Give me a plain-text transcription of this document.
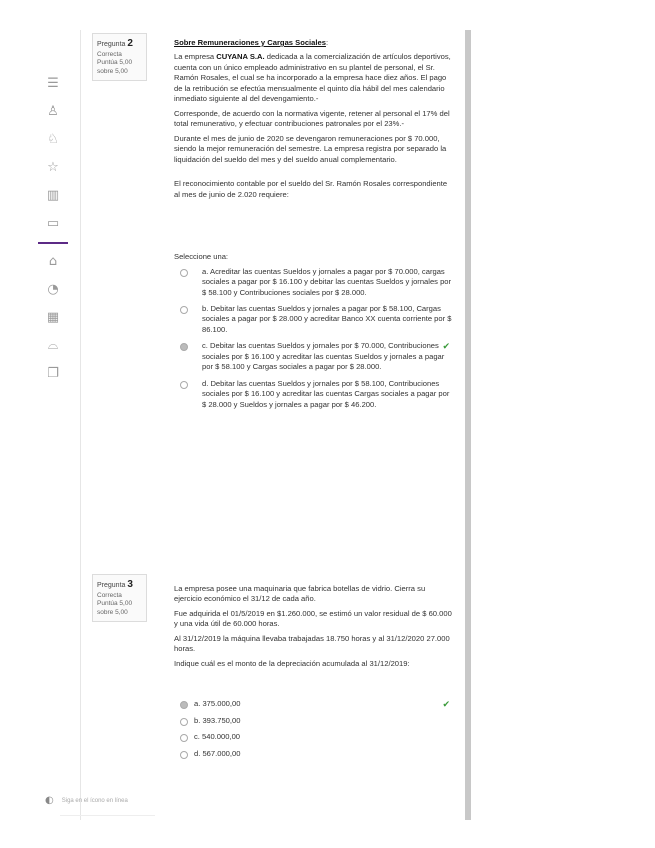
☰
♙
♘
☆
▥
▭
⌂
◔
▦
⌓
❐
Pregunta 2
Correcta
Puntúa 5,00 sobre 5,00

Sobre Remuneraciones y Cargas Sociales:

La empresa CUYANA S.A. dedicada a la comercialización de artículos deportivos, cuenta con un único empleado administrativo en su plantel de personal, el Sr. Ramón Rosales, el cual se ha incorporado a la empresa hace diez años. El pago de la retribución se efectúa mensualmente el quinto día hábil del mes calendario inmediato siguiente al del devengamiento.-

Corresponde, de acuerdo con la normativa vigente, retener al personal el 17% del total remunerativo, y efectuar contribuciones patronales por el 23%.-

Durante el mes de junio de 2020 se devengaron remuneraciones por $ 70.000, siendo la mejor remuneración del semestre. La empresa registra por separado la liquidación del sueldo del mes y del sueldo anual complementario.

El reconocimiento contable por el sueldo del Sr. Ramón Rosales correspondiente al mes de junio de 2.020 requiere:

Seleccione una:

a. Acreditar las cuentas Sueldos y jornales a pagar por $ 70.000, cargas sociales a pagar por $ 16.100 y debitar las cuentas Sueldos y jornales por $ 58.100 y Contribuciones sociales por $ 28.000.
b. Debitar las cuentas Sueldos y jornales a pagar por $ 58.100, Cargas sociales a pagar por $ 28.000 y acreditar Banco XX cuenta corriente por $ 86.100.
c. Debitar las cuentas Sueldos y jornales por $ 70.000, Contribuciones sociales por $ 16.100 y acreditar las cuentas Sueldos y jornales a pagar por $ 58.100 y Cargas sociales a pagar por $ 28.000.
✔
d. Debitar las cuentas Sueldos y jornales por $ 58.100, Contribuciones sociales por $ 16.100 y acreditar las cuentas Cargas sociales a pagar por $ 28.000 y Sueldos y jornales a pagar por $ 46.200.
Pregunta 3
Correcta
Puntúa 5,00 sobre 5,00

La empresa posee una maquinaria que fabrica botellas de vidrio. Cierra su ejercicio económico el 31/12 de cada año.

Fue adquirida el 01/5/2019 en $1.260.000, se estimó un valor residual de $ 60.000 y una vida útil de 60.000 horas.

Al 31/12/2019 la máquina llevaba trabajadas 18.750 horas y al 31/12/2020 27.000 horas.

Indique cuál es el monto de la depreciación acumulada al 31/12/2019:

a. 375.000,00	✔
b. 393.750,00
c. 540.000,00
d. 567.000,00
◐ Siga en el ícono en línea
